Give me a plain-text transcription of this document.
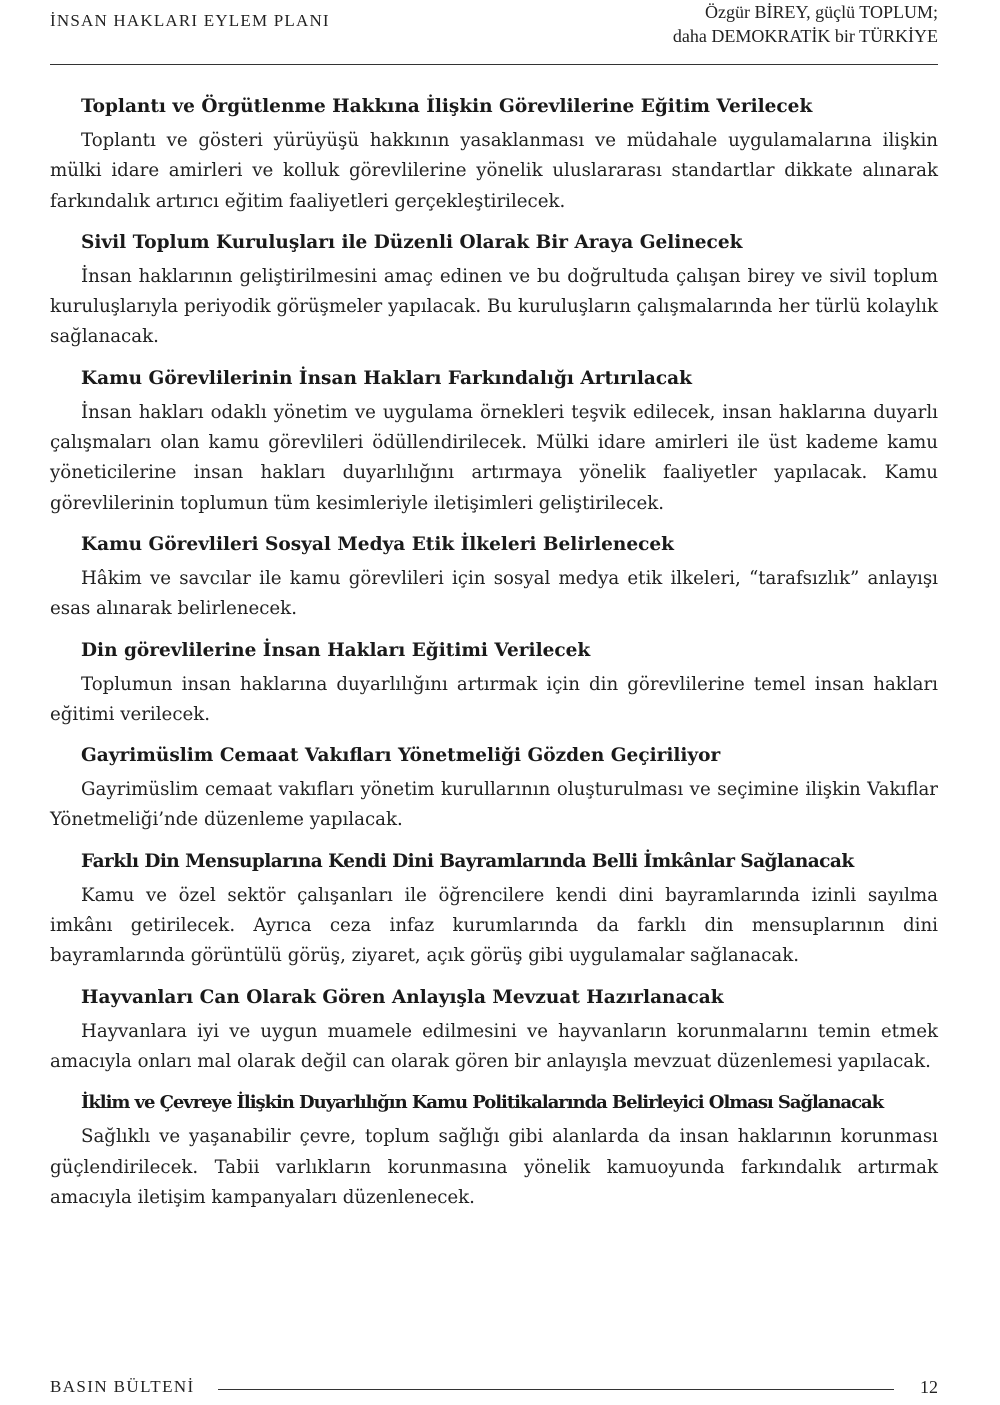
İNSAN HAKLARI EYLEM PLANI	Özgür BİREY, güçlü TOPLUM;
daha DEMOKRATİK bir TÜRKİYE
Toplantı ve Örgütlenme Hakkına İlişkin Görevlilerine Eğitim Verilecek

Toplantı ve gösteri yürüyüşü hakkının yasaklanması ve müdahale uygulamalarına ilişkin mülki idare amirleri ve kolluk görevlilerine yönelik uluslararası standartlar dikkate alınarak farkındalık artırıcı eğitim faaliyetleri gerçekleştirilecek.

Sivil Toplum Kuruluşları ile Düzenli Olarak Bir Araya Gelinecek

İnsan haklarının geliştirilmesini amaç edinen ve bu doğrultuda çalışan birey ve sivil toplum kuruluşlarıyla periyodik görüşmeler yapılacak. Bu kuruluşların çalışmalarında her türlü kolaylık sağlanacak.

Kamu Görevlilerinin İnsan Hakları Farkındalığı Artırılacak

İnsan hakları odaklı yönetim ve uygulama örnekleri teşvik edilecek, insan haklarına duyarlı çalışmaları olan kamu görevlileri ödüllendirilecek. Mülki idare amirleri ile üst kademe kamu yöneticilerine insan hakları duyarlılığını artırmaya yönelik faaliyetler yapılacak. Kamu görevlilerinin toplumun tüm kesimleriyle iletişimleri geliştirilecek.

Kamu Görevlileri Sosyal Medya Etik İlkeleri Belirlenecek

Hâkim ve savcılar ile kamu görevlileri için sosyal medya etik ilkeleri, “tarafsızlık” anlayışı esas alınarak belirlenecek.

Din görevlilerine İnsan Hakları Eğitimi Verilecek

Toplumun insan haklarına duyarlılığını artırmak için din görevlilerine temel insan hakları eğitimi verilecek.

Gayrimüslim Cemaat Vakıfları Yönetmeliği Gözden Geçiriliyor

Gayrimüslim cemaat vakıfları yönetim kurullarının oluşturulması ve seçimine ilişkin Vakıflar Yönetmeliği’nde düzenleme yapılacak.

Farklı Din Mensuplarına Kendi Dini Bayramlarında Belli İmkânlar Sağlanacak

Kamu ve özel sektör çalışanları ile öğrencilere kendi dini bayramlarında izinli sayılma imkânı getirilecek. Ayrıca ceza infaz kurumlarında da farklı din mensuplarının dini bayramlarında görüntülü görüş, ziyaret, açık görüş gibi uygulamalar sağlanacak.

Hayvanları Can Olarak Gören Anlayışla Mevzuat Hazırlanacak

Hayvanlara iyi ve uygun muamele edilmesini ve hayvanların korunmalarını temin etmek amacıyla onları mal olarak değil can olarak gören bir anlayışla mevzuat düzenlemesi yapılacak.

İklim ve Çevreye İlişkin Duyarlılığın Kamu Politikalarında Belirleyici Olması Sağlanacak

Sağlıklı ve yaşanabilir çevre, toplum sağlığı gibi alanlarda da insan haklarının korunması güçlendirilecek. Tabii varlıkların korunmasına yönelik kamuoyunda farkındalık artırmak amacıyla iletişim kampanyaları düzenlenecek.

BASIN BÜLTENİ	12
